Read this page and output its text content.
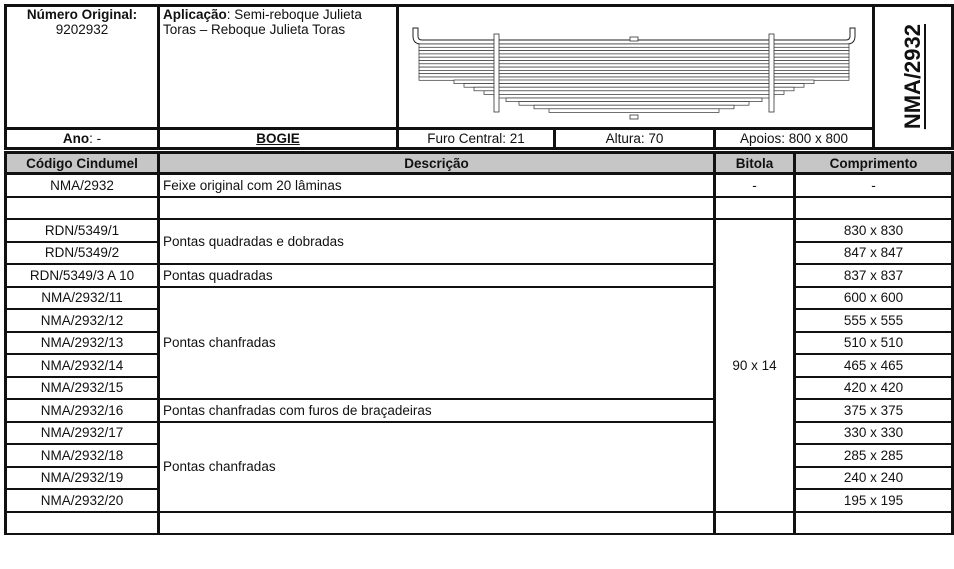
Número Original:
9202932	Aplicação: Semi-reboque Julieta Toras – Reboque Julieta Toras				NMA/2932

Ano: -	BOGIE	Furo Central: 21	Altura: 70	Apoios: 800 x 800	
Código Cindumel	Descrição	Bitola	Comprimento
NMA/2932	Feixe original com 20 lâminas	-	-

RDN/5349/1	Pontas quadradas e dobradas	90 x 14	830 x 830
RDN/5349/2			847 x 847
RDN/5349/3 A 10	Pontas quadradas		837 x 837
NMA/2932/11	Pontas chanfradas		600 x 600
NMA/2932/12			555 x 555
NMA/2932/13			510 x 510
NMA/2932/14			465 x 465
NMA/2932/15			420 x 420
NMA/2932/16	Pontas chanfradas com furos de braçadeiras		375 x 375
NMA/2932/17	Pontas chanfradas		330 x 330
NMA/2932/18			285 x 285
NMA/2932/19			240 x 240
NMA/2932/20			195 x 195
